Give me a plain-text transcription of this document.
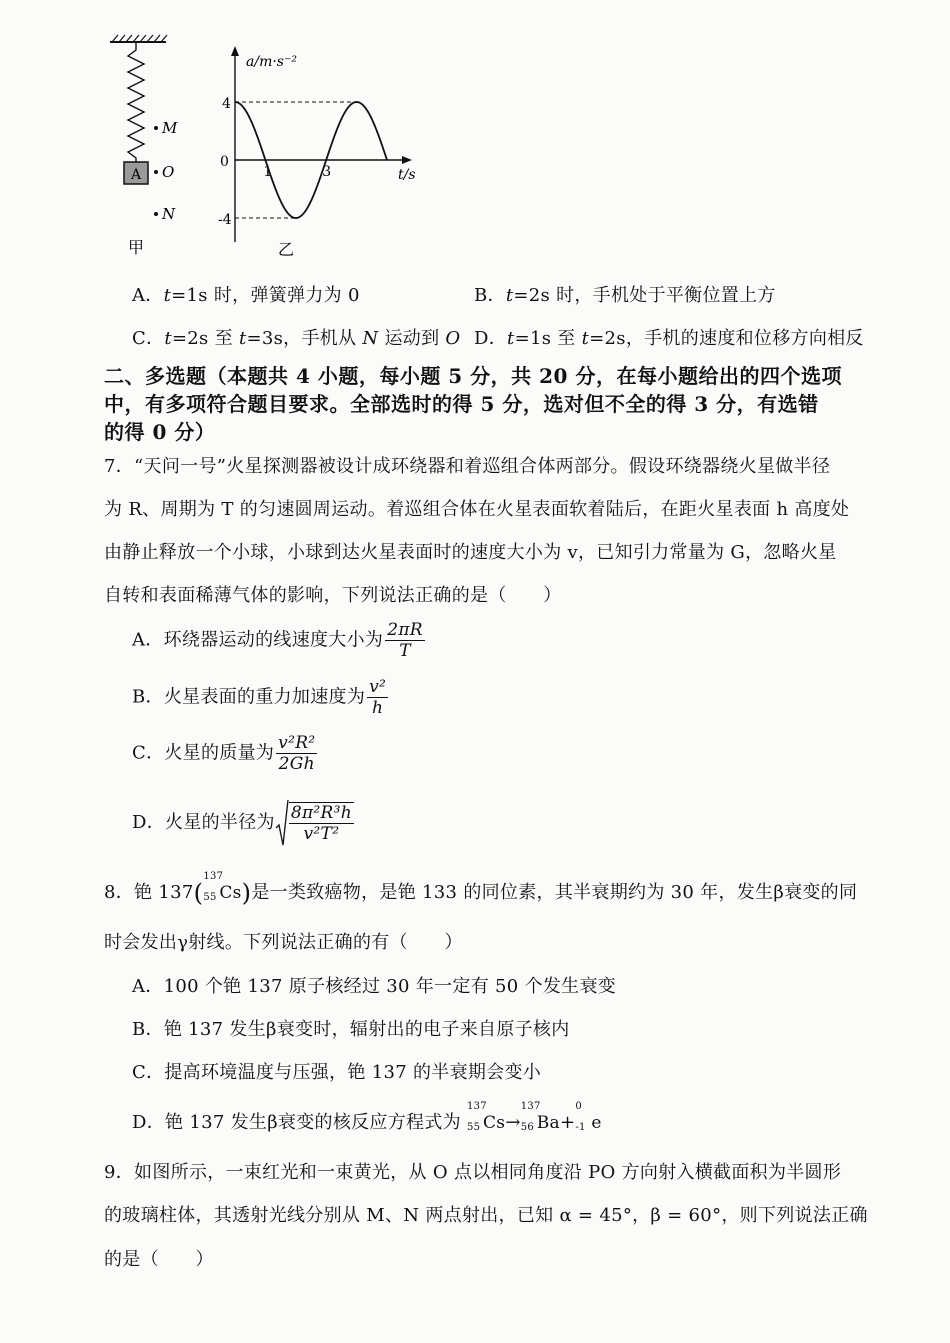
A
M
O
N
甲
a/m·s⁻²
t/s
4
0
-4
1	3
乙
A．t=1s 时，弹簧弹力为 0	B．t=2s 时，手机处于平衡位置上方
C．t=2s 至 t=3s，手机从 N 运动到 O D．t=1s 至 t=2s，手机的速度和位移方向相反
二、多选题（本题共 4 小题，每小题 5 分，共 20 分，在每小题给出的四个选项
中，有多项符合题目要求。全部选时的得 5 分，选对但不全的得 3 分，有选错
的得 0 分）
7．“天问一号”火星探测器被设计成环绕器和着巡组合体两部分。假设环绕器绕火星做半径
为 R、周期为 T 的匀速圆周运动。着巡组合体在火星表面软着陆后，在距火星表面 h 高度处
由静止释放一个小球，小球到达火星表面时的速度大小为 v，已知引力常量为 G，忽略火星
自转和表面稀薄气体的影响，下列说法正确的是（　　）
A．环绕器运动的线速度大小为 $\frac{2\pi R}{T}$
B．火星表面的重力加速度为 $\frac{\text{v²}}{h}$
C．火星的质量为 $\frac{\text{v²R²}}{2Gh}$
D．火星的半径为 $\frac{\text{8π²R³h}}{\text{v²T²}}$
8．铯 137(
137
55 Cs)是一类致癌物，是铯 133 的同位素，其半衰期约为 30 年，发生β衰变的同
时会发出γ射线。下列说法正确的有（　　）
A．100 个铯 137 原子核经过 30 年一定有 50 个发生衰变
B．铯 137 发生β衰变时，辐射出的电子来自原子核内
C．提高环境温度与压强，铯 137 的半衰期会变小
D．铯 137 发生β衰变的核反应方程式为
137
55 Cs→
137
56 Ba+
0
-1 e
9．如图所示，一束红光和一束黄光，从 O 点以相同角度沿 PO 方向射入横截面积为半圆形
的玻璃柱体，其透射光线分别从 M、N 两点射出，已知 α = 45°，β = 60°，则下列说法正确
的是（　　）
